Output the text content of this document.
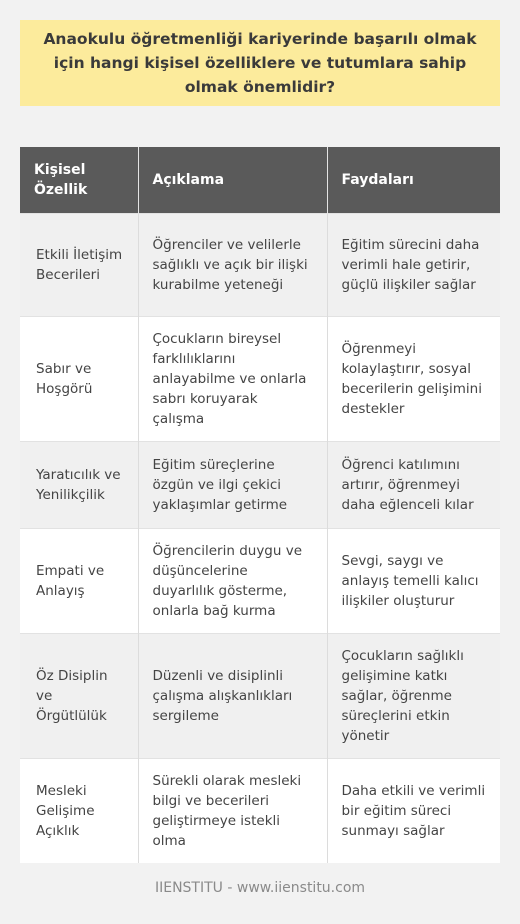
Anaokulu öğretmenliği kariyerinde başarılı olmak için hangi kişisel özelliklere ve tutumlara sahip olmak önemlidir?
Kişisel Özellik	Açıklama	Faydaları
Etkili İletişim Becerileri	Öğrenciler ve velilerle sağlıklı ve açık bir ilişki kurabilme yeteneği	Eğitim sürecini daha verimli hale getirir, güçlü ilişkiler sağlar
Sabır ve Hoşgörü	Çocukların bireysel farklılıklarını anlayabilme ve onlarla sabrı koruyarak çalışma	Öğrenmeyi kolaylaştırır, sosyal becerilerin gelişimini destekler
Yaratıcılık ve Yenilikçilik	Eğitim süreçlerine özgün ve ilgi çekici yaklaşımlar getirme	Öğrenci katılımını artırır, öğrenmeyi daha eğlenceli kılar
Empati ve Anlayış	Öğrencilerin duygu ve düşüncelerine duyarlılık gösterme, onlarla bağ kurma	Sevgi, saygı ve anlayış temelli kalıcı ilişkiler oluşturur
Öz Disiplin ve Örgütlülük	Düzenli ve disiplinli çalışma alışkanlıkları sergileme	Çocukların sağlıklı gelişimine katkı sağlar, öğrenme süreçlerini etkin yönetir
Mesleki Gelişime Açıklık	Sürekli olarak mesleki bilgi ve becerileri geliştirmeye istekli olma	Daha etkili ve verimli bir eğitim süreci sunmayı sağlar
IIENSTITU - www.iienstitu.com
